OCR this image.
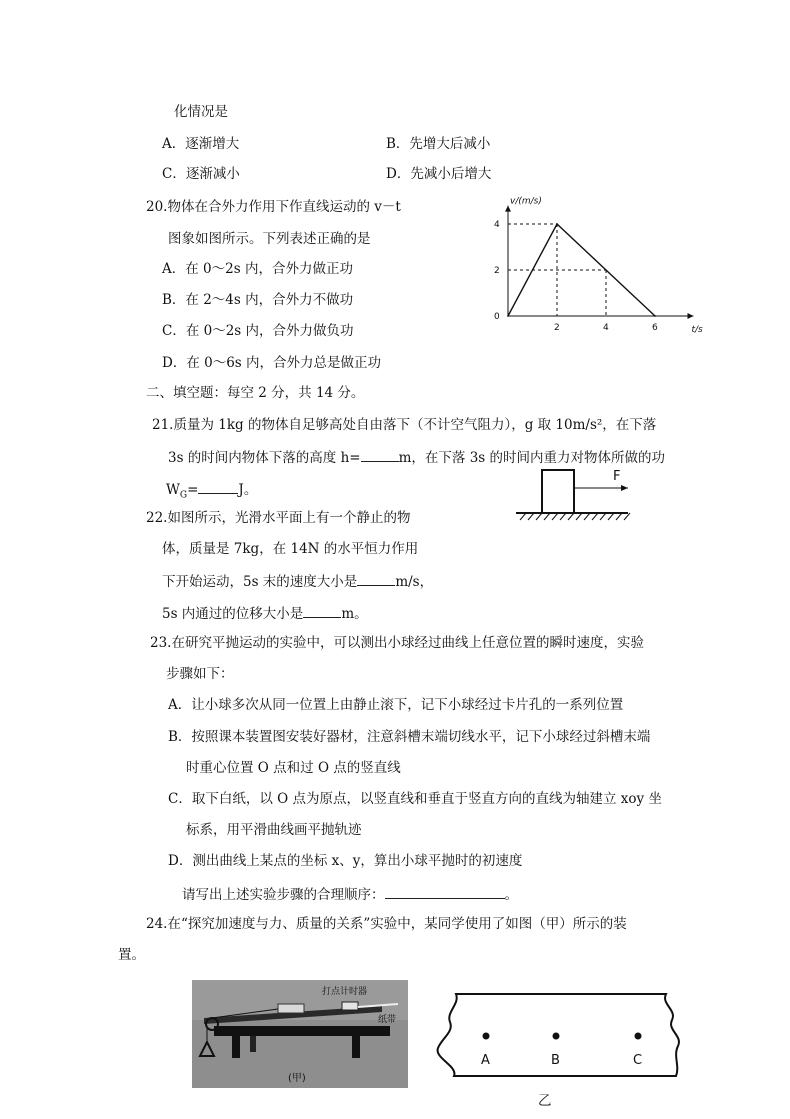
化情况是
A．逐渐增大	B．先增大后减小
C．逐渐减小	D．先减小后增大
20.物体在合外力作用下作直线运动的 v－t
图象如图所示。下列表述正确的是
A．在 0～2s 内，合外力做正功
B．在 2～4s 内，合外力不做功
C．在 0～2s 内，合外力做负功
D．在 0～6s 内，合外力总是做正功
2	4	6
0
2
4
v/(m/s)
t/s
二、填空题：每空 2 分，共 14 分。
21.质量为 1kg 的物体自足够高处自由落下（不计空气阻力），g 取 10m/s²，在下落
3s 的时间内物体下落的高度 h=	m，在下落 3s 的时间内重力对物体所做的功
$W_G=$	J。
22.如图所示，光滑水平面上有一个静止的物
体，质量是 7kg，在 14N 的水平恒力作用
下开始运动，5s 末的速度大小是	m/s，
5s 内通过的位移大小是	m。
F
23.在研究平抛运动的实验中，可以测出小球经过曲线上任意位置的瞬时速度，实验
步骤如下：
A．让小球多次从同一位置上由静止滚下，记下小球经过卡片孔的一系列位置
B．按照课本装置图安装好器材，注意斜槽末端切线水平，记下小球经过斜槽末端
时重心位置 O 点和过 O 点的竖直线
C．取下白纸，以 O 点为原点，以竖直线和垂直于竖直方向的直线为轴建立 xoy 坐
标系，用平滑曲线画平抛轨迹
D．测出曲线上某点的坐标 x、y，算出小球平抛时的初速度
请写出上述实验步骤的合理顺序：	。
24.在“探究加速度与力、质量的关系”实验中，某同学使用了如图（甲）所示的装
置。
打点计时器
纸带
(甲)
A	B	C
乙
